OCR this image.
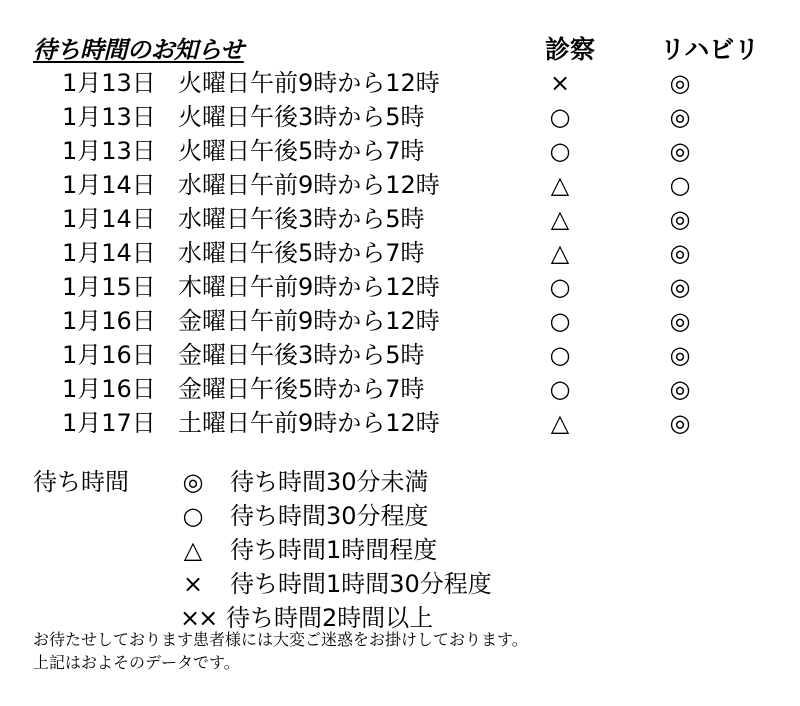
待ち時間のお知らせ	診察	リハビリ
1月13日 火曜日午前9時から12時	×	◎
1月13日 火曜日午後3時から5時	○	◎
1月13日 火曜日午後5時から7時	○	◎
1月14日 水曜日午前9時から12時	△	○
1月14日 水曜日午後3時から5時	△	◎
1月14日 水曜日午後5時から7時	△	◎
1月15日 木曜日午前9時から12時	○	◎
1月16日 金曜日午前9時から12時	○	◎
1月16日 金曜日午後3時から5時	○	◎
1月16日 金曜日午後5時から7時	○	◎
1月17日 土曜日午前9時から12時	△	◎
待ち時間 ◎ 待ち時間30分未満
○ 待ち時間30分程度
△ 待ち時間1時間程度
× 待ち時間1時間30分程度
×× 待ち時間2時間以上
お待たせしております患者様には大変ご迷惑をお掛けしております。
上記はおよそのデータです。
